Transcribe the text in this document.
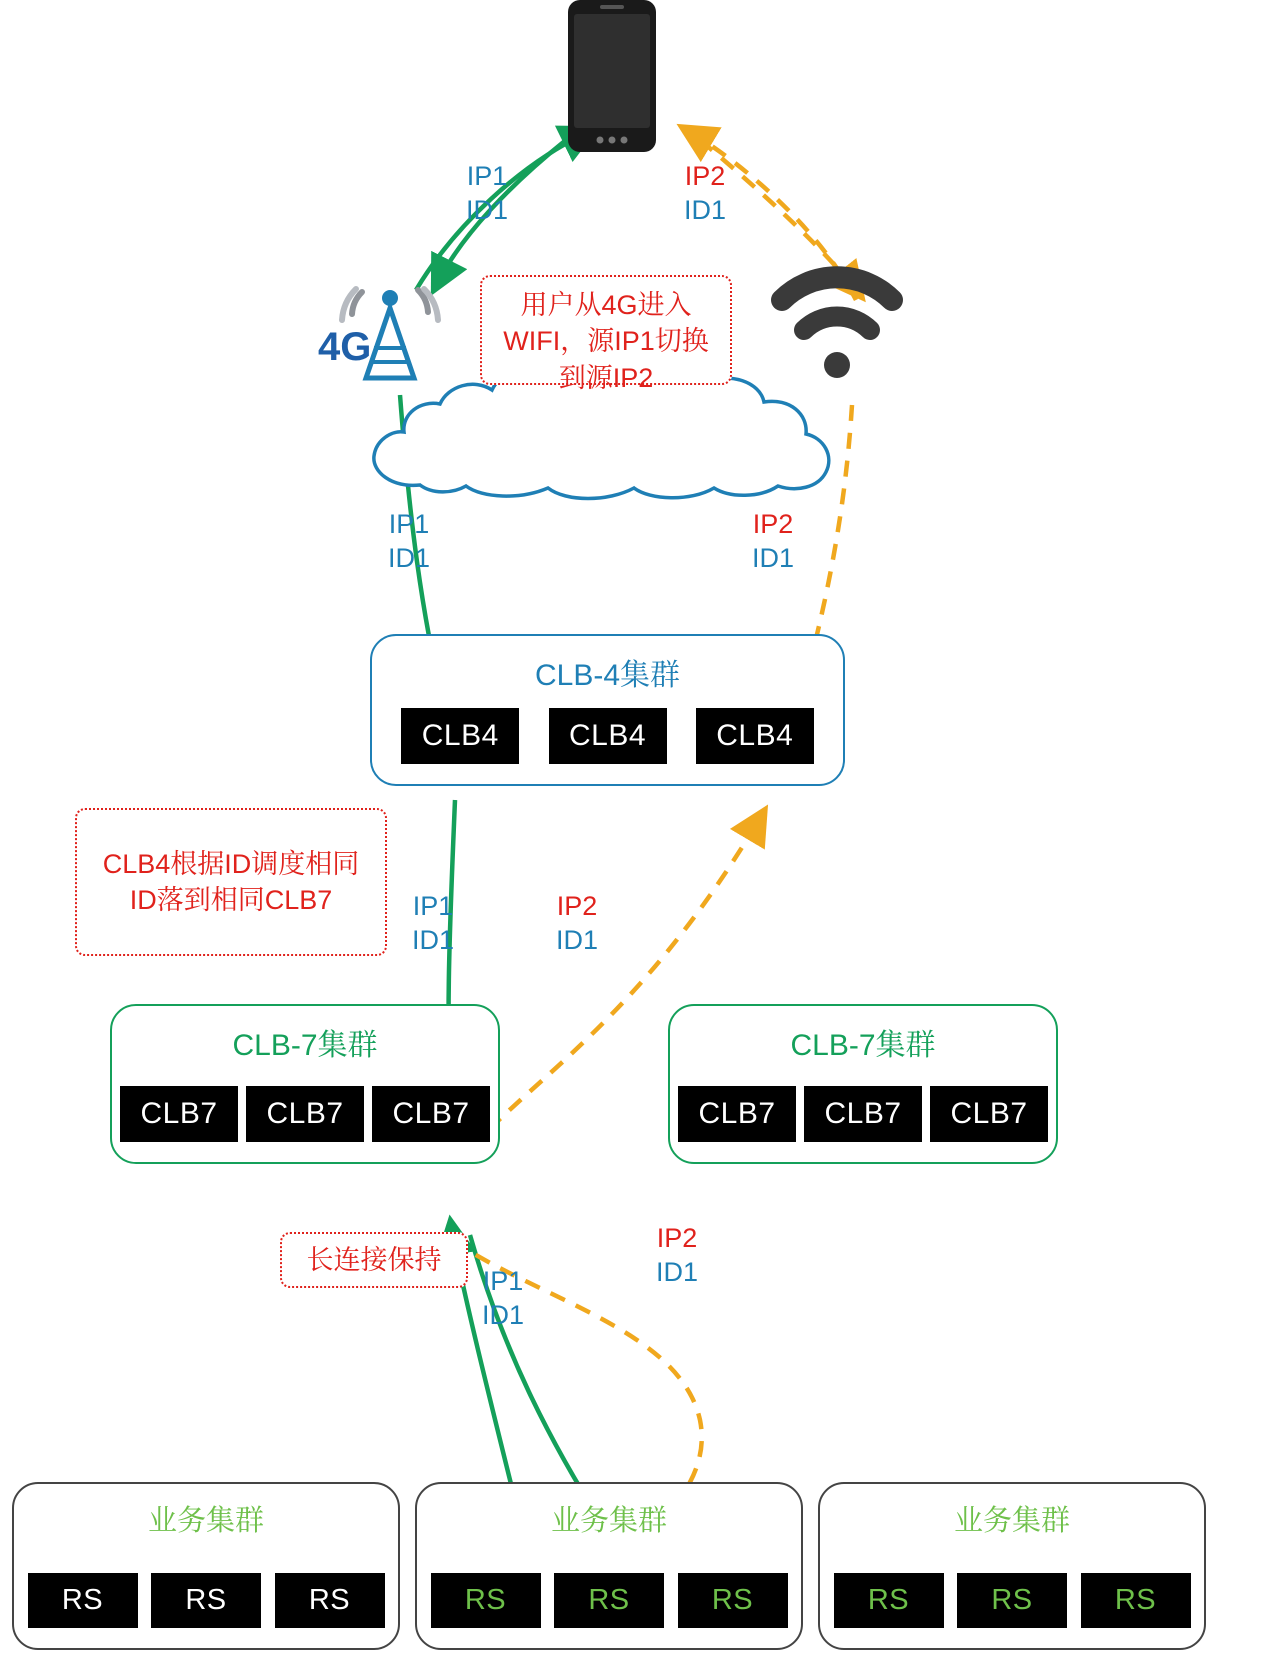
4G
IP1
ID1
IP2
ID1
IP1
ID1
IP2
ID1
IP1
ID1
IP2
ID1
IP1
ID1
IP2
ID1
用户从4G进入WIFI，源IP1切换到源IP2
CLB4根据ID调度相同ID落到相同CLB7
长连接保持
CLB-4集群
CLB4	CLB4	CLB4
CLB-7集群
CLB7	CLB7	CLB7
CLB-7集群
CLB7	CLB7	CLB7
业务集群
RS	RS	RS
业务集群
RS	RS	RS
业务集群
RS	RS	RS
